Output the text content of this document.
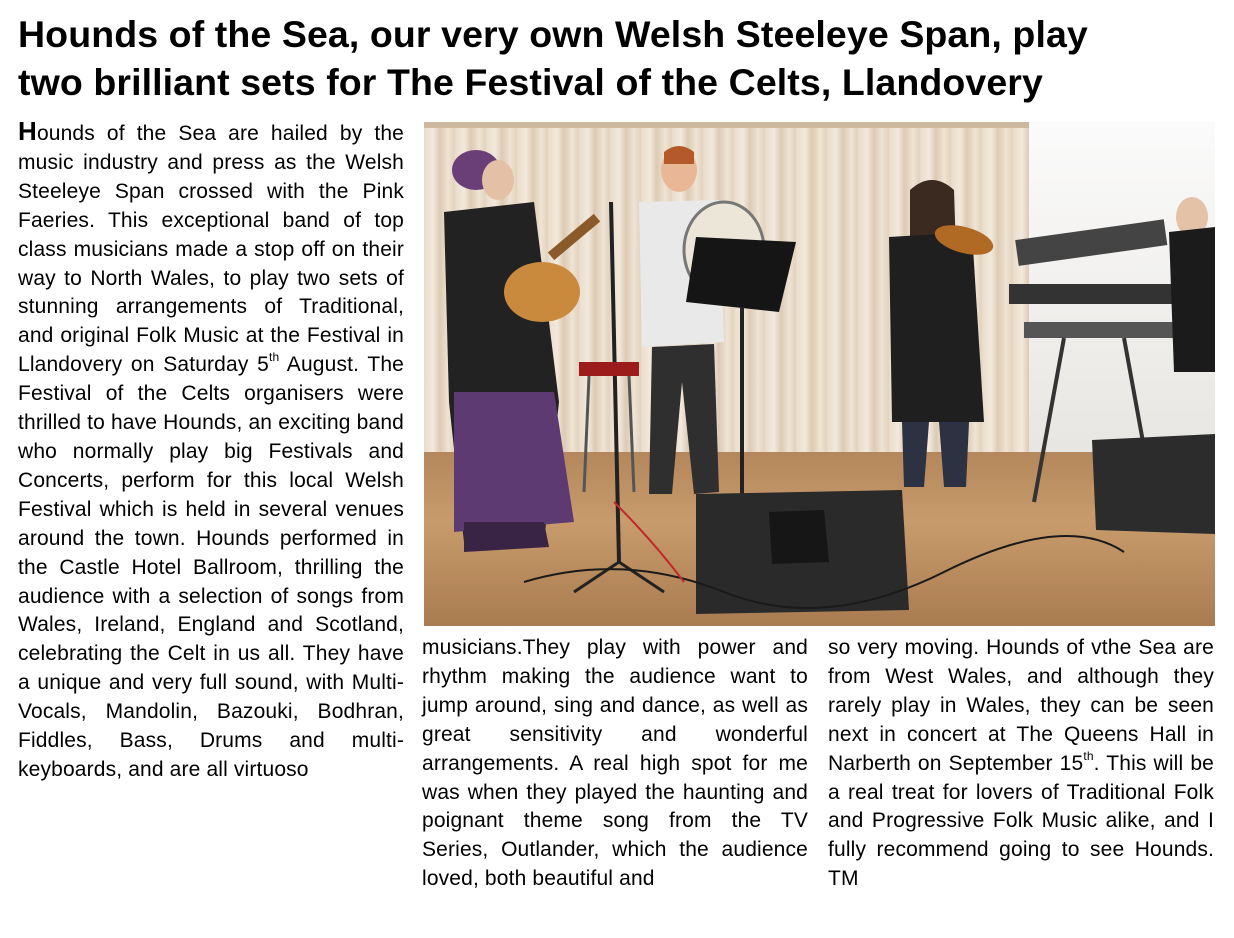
Hounds of the Sea, our very own Welsh Steeleye Span, play
two brilliant sets for The Festival of the Celts, Llandovery
Hounds of the Sea are hailed by the music industry and press as the Welsh Steeleye Span crossed with the Pink Faeries. This exceptional band of top class musicians made a stop off on their way to North Wales, to play two sets of stunning arrangements of Traditional, and original Folk Music at the Festival in Llandovery on Saturday 5th August. The Festival of the Celts organisers were thrilled to have Hounds, an exciting band who normally play big Festivals and Concerts, perform for this local Welsh Festival which is held in several venues around the town. Hounds performed in the Castle Hotel Ballroom, thrilling the audience with a selection of songs from Wales, Ireland, England and Scotland, celebrating the Celt in us all. They have a unique and very full sound, with Multi-Vocals, Mandolin, Bazouki, Bodhran, Fiddles, Bass, Drums and multi- keyboards, and are all virtuoso
musicians.They play with power and rhythm making the audience want to jump around, sing and dance, as well as great sensitivity and wonderful arrangements. A real high spot for me was when they played the haunting and poignant theme song from the TV Series, Outlander, which the audience loved, both beautiful and
so very moving. Hounds of vthe Sea are from West Wales, and although they rarely play in Wales, they can be seen next in concert at The Queens Hall in Narberth on September 15th. This will be a real treat for lovers of Traditional Folk and Progressive Folk Music alike, and I fully recommend going to see Hounds. TM
